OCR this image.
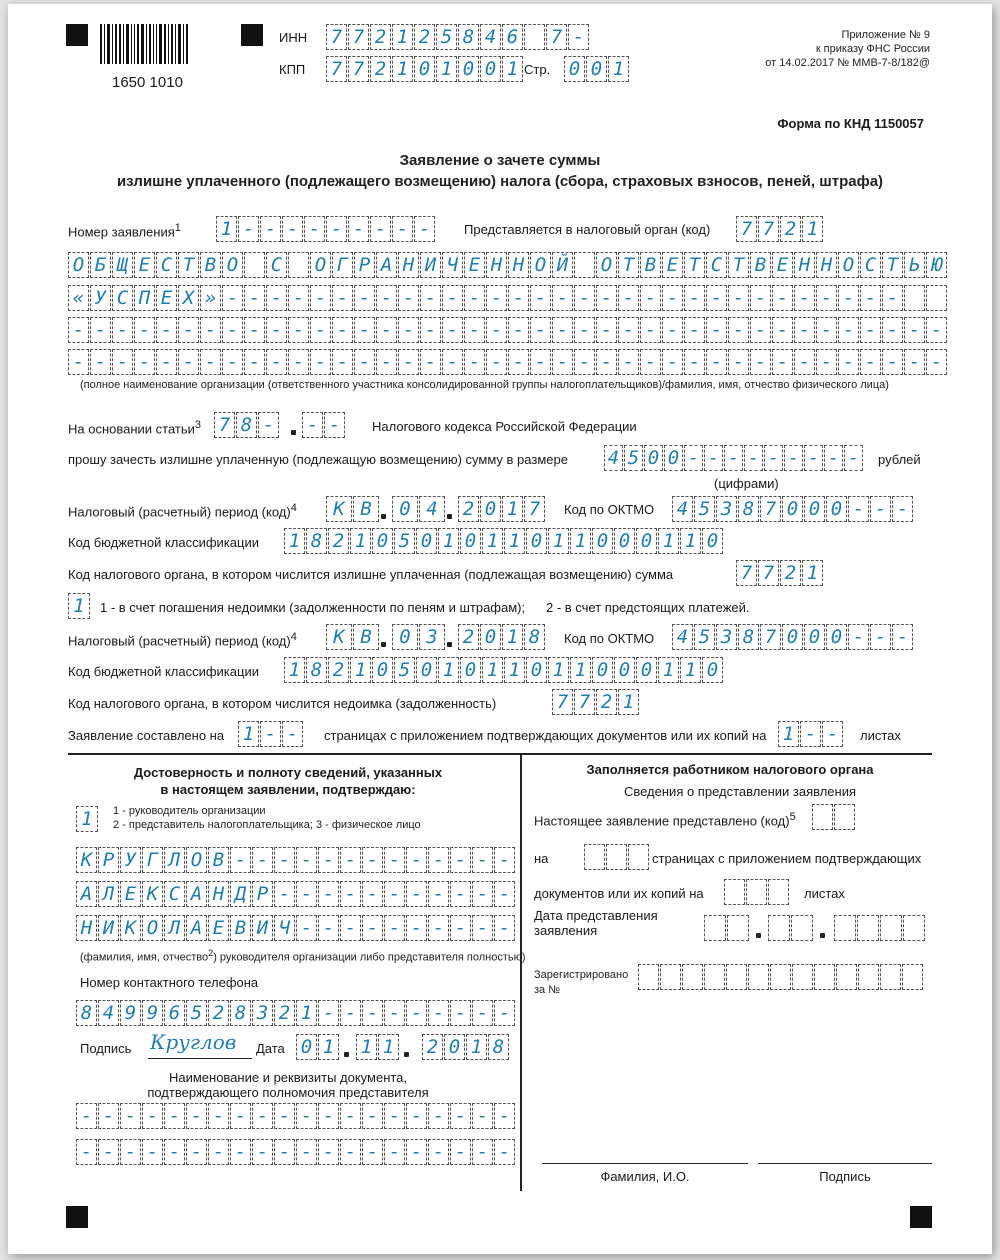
1650 1010
ИНН 7 7 2 1 2 5 8 4 6 7 -
КПП 7 7 2 1 0 1 0 0 1 Стр. 0 0 1
Приложение № 9
к приказу ФНС России
от 14.02.2017 № ММВ-7-8/182@
Форма по КНД 1150057
Заявление о зачете суммы
излишне уплаченного (подлежащего возмещению) налога (сбора, страховых взносов, пеней, штрафа)
Номер заявления$^1$ 1 - - - - - - - - -	Представляется в налоговый орган (код) 7 7 2 1
О Б Щ Е С Т В О С О Г Р А Н И Ч Е Н Н О Й О Т В Е Т С Т В Е Н Н О С Т Ь Ю
« У С П Е Х » - - - - - - - - - - - - - - - - - - - - - - - - - - - - - - -
- - - - - - - - - - - - - - - - - - - - - - - - - - - - - - - - - - - - - - - -
- - - - - - - - - - - - - - - - - - - - - - - - - - - - - - - - - - - - - - - -
(полное наименование организации (ответственного участника консолидированной группы налогоплательщиков)/фамилия, имя, отчество физического лица)
На основании статьи$^3$ 7 8 - - -	Налогового кодекса Российской Федерации
прошу зачесть излишне уплаченную (подлежащую возмещению) сумму в размере 4 5 0 0 - - - - - - - - - рублей
(цифрами)
Налоговый (расчетный) период (код)$^4$	К В	0 4	2 0 1 7	Код по ОКТМО 4 5 3 8 7 0 0 0 - - -
Код бюджетной классификации 1 8 2 1 0 5 0 1 0 1 1 0 1 1 0 0 0 1 1 0
Код налогового органа, в котором числится излишне уплаченная (подлежащая возмещению) сумма	7 7 2 1
1	1 - в счет погашения недоимки (задолженности по пеням и штрафам); 2 - в счет предстоящих платежей.
Налоговый (расчетный) период (код)$^4$	К В	0 3	2 0 1 8	Код по ОКТМО 4 5 3 8 7 0 0 0 - - -
Код бюджетной классификации 1 8 2 1 0 5 0 1 0 1 1 0 1 1 0 0 0 1 1 0
Код налогового органа, в котором числится недоимка (задолженность)	7 7 2 1
Заявление составлено на 1 - -	страницах с приложением подтверждающих документов или их копий на 1 - -	листах
Достоверность и полноту сведений, указанных
в настоящем заявлении, подтверждаю:
1	1 - руководитель организации
2 - представитель налогоплательщика; 3 - физическое лицо
К Р У Г Л О В - - - - - - - - - - - - -
А Л Е К С А Н Д Р - - - - - - - - - - -
Н И К О Л А Е В И Ч - - - - - - - - - -
(фамилия, имя, отчество$^2$) руководителя организации либо представителя полностью)
Номер контактного телефона
8 4 9 9 6 5 2 8 3 2 1 - - - - - - - - -
Подпись Круглов Дата 0 1 1 1 2 0 1 8
Наименование и реквизиты документа,
подтверждающего полномочия представителя
- - - - - - - - - - - - - - - - - - - -
- - - - - - - - - - - - - - - - - - - -
Заполняется работником налогового органа
Сведения о представлении заявления
Настоящее заявление представлено (код)$^5$
на	страницах с приложением подтверждающих
документов или их копий на	листах
Дата представления
заявления
Зарегистрировано
за №
Фамилия, И.О.	Подпись
